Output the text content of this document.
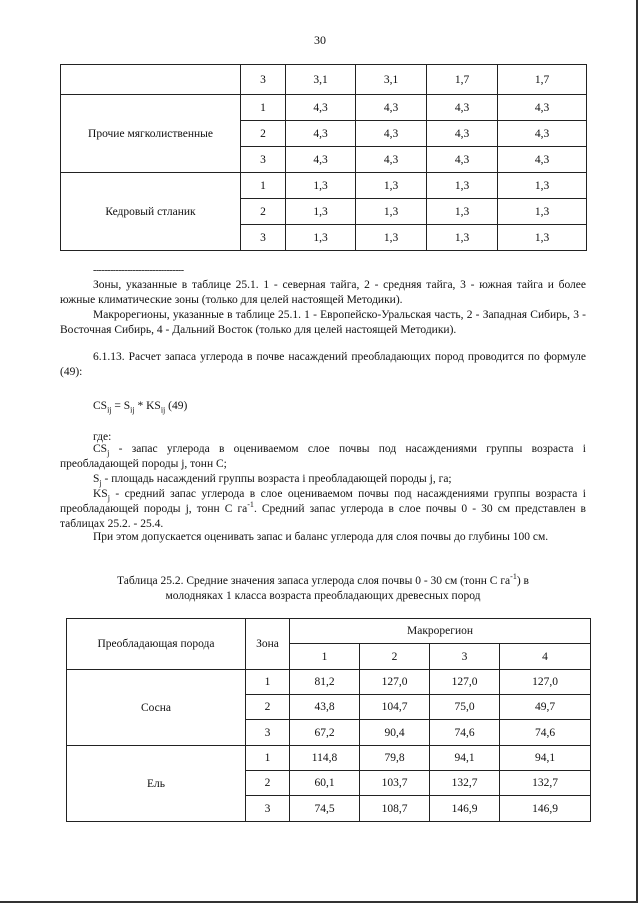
30
	3	3,1	3,1	1,7	1,7
Прочие мягколиственные	1	4,3	4,3	4,3	4,3
	2	4,3	4,3	4,3	4,3
	3	4,3	4,3	4,3	4,3
Кедровый стланик	1	1,3	1,3	1,3	1,3
	2	1,3	1,3	1,3	1,3
	3	1,3	1,3	1,3	1,3
--------------------------------

Зоны, указанные в таблице 25.1. 1 - северная тайга, 2 - средняя тайга, 3 - южная тайга и более южные климатические зоны (только для целей настоящей Методики).

Макрорегионы, указанные в таблице 25.1. 1 - Европейско-Уральская часть, 2 - Западная Сибирь, 3 - Восточная Сибирь, 4 - Дальний Восток (только для целей настоящей Методики).

6.1.13. Расчет запаса углерода в почве насаждений преобладающих пород проводится по формуле (49):

$CS_{ij} = S_{ij} * KS_{ij}$ (49)
где:

$CS_j$ - запас углерода в оцениваемом слое почвы под насаждениями группы возраста i преобладающей породы j, тонн С;

$S_j$ - площадь насаждений группы возраста i преобладающей породы j, га;

$KS_j$ - средний запас углерода в слое оцениваемом почвы под насаждениями группы возраста i преобладающей породы j, тонн С $га^{-1}$. Средний запас углерода в слое почвы 0 - 30 см представлен в таблицах 25.2. - 25.4.

При этом допускается оценивать запас и баланс углерода для слоя почвы до глубины 100 см.

Таблица 25.2. Средние значения запаса углерода слоя почвы 0 - 30 см (тонн С $га^{-1}$) в
молодняках 1 класса возраста преобладающих древесных пород
Преобладающая порода	Зона	Макрорегион			
		1	2	3	4
Сосна	1	81,2	127,0	127,0	127,0
	2	43,8	104,7	75,0	49,7
	3	67,2	90,4	74,6	74,6
Ель	1	114,8	79,8	94,1	94,1
	2	60,1	103,7	132,7	132,7
	3	74,5	108,7	146,9	146,9
